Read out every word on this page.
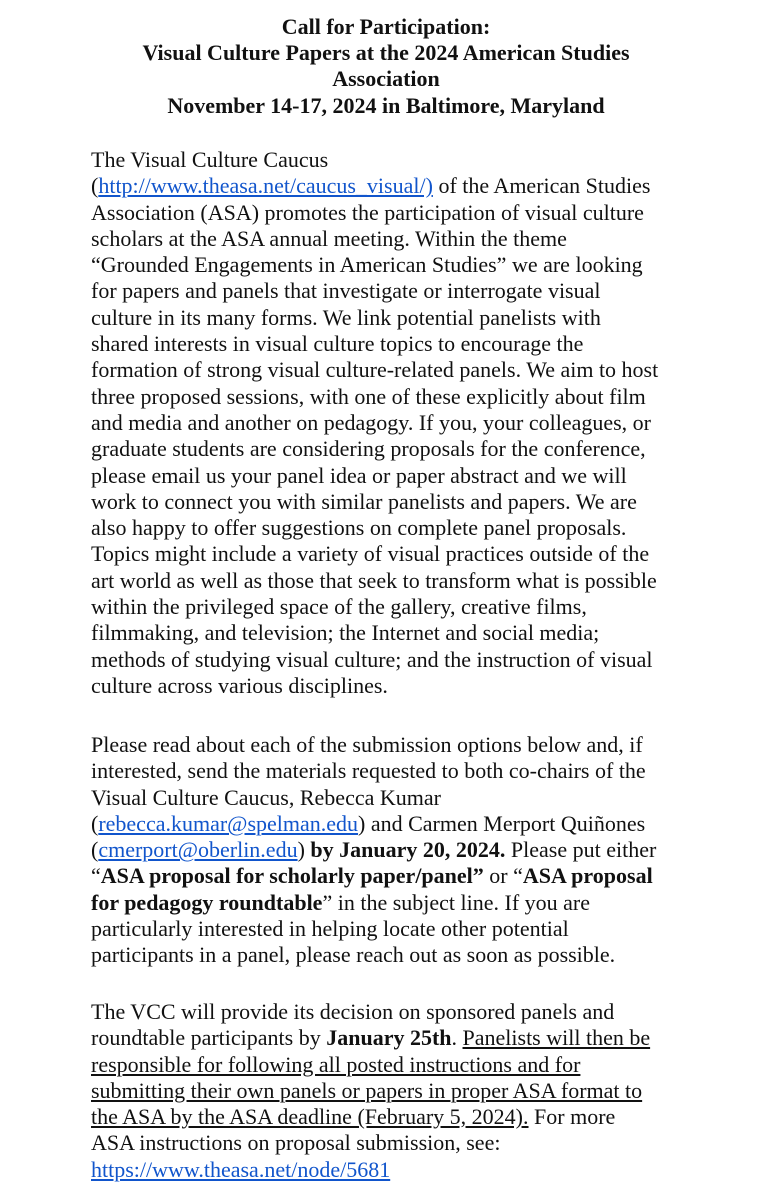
Call for Participation:
Visual Culture Papers at the 2024 American Studies
Association
November 14-17, 2024 in Baltimore, Maryland
The Visual Culture Caucus
(http://www.theasa.net/caucus_visual/) of the American Studies
Association (ASA) promotes the participation of visual culture
scholars at the ASA annual meeting. Within the theme
“Grounded Engagements in American Studies” we are looking
for papers and panels that investigate or interrogate visual
culture in its many forms. We link potential panelists with
shared interests in visual culture topics to encourage the
formation of strong visual culture-related panels. We aim to host
three proposed sessions, with one of these explicitly about film
and media and another on pedagogy. If you, your colleagues, or
graduate students are considering proposals for the conference,
please email us your panel idea or paper abstract and we will
work to connect you with similar panelists and papers. We are
also happy to offer suggestions on complete panel proposals.
Topics might include a variety of visual practices outside of the
art world as well as those that seek to transform what is possible
within the privileged space of the gallery, creative films,
filmmaking, and television; the Internet and social media;
methods of studying visual culture; and the instruction of visual
culture across various disciplines.
Please read about each of the submission options below and, if
interested, send the materials requested to both co-chairs of the
Visual Culture Caucus, Rebecca Kumar
(rebecca.kumar@spelman.edu) and Carmen Merport Quiñones
(cmerport@oberlin.edu) by January 20, 2024. Please put either
“ASA proposal for scholarly paper/panel” or “ASA proposal
for pedagogy roundtable” in the subject line. If you are
particularly interested in helping locate other potential
participants in a panel, please reach out as soon as possible.
The VCC will provide its decision on sponsored panels and
roundtable participants by January 25th. Panelists will then be
responsible for following all posted instructions and for
submitting their own panels or papers in proper ASA format to
the ASA by the ASA deadline (February 5, 2024). For more
ASA instructions on proposal submission, see:
https://www.theasa.net/node/5681
